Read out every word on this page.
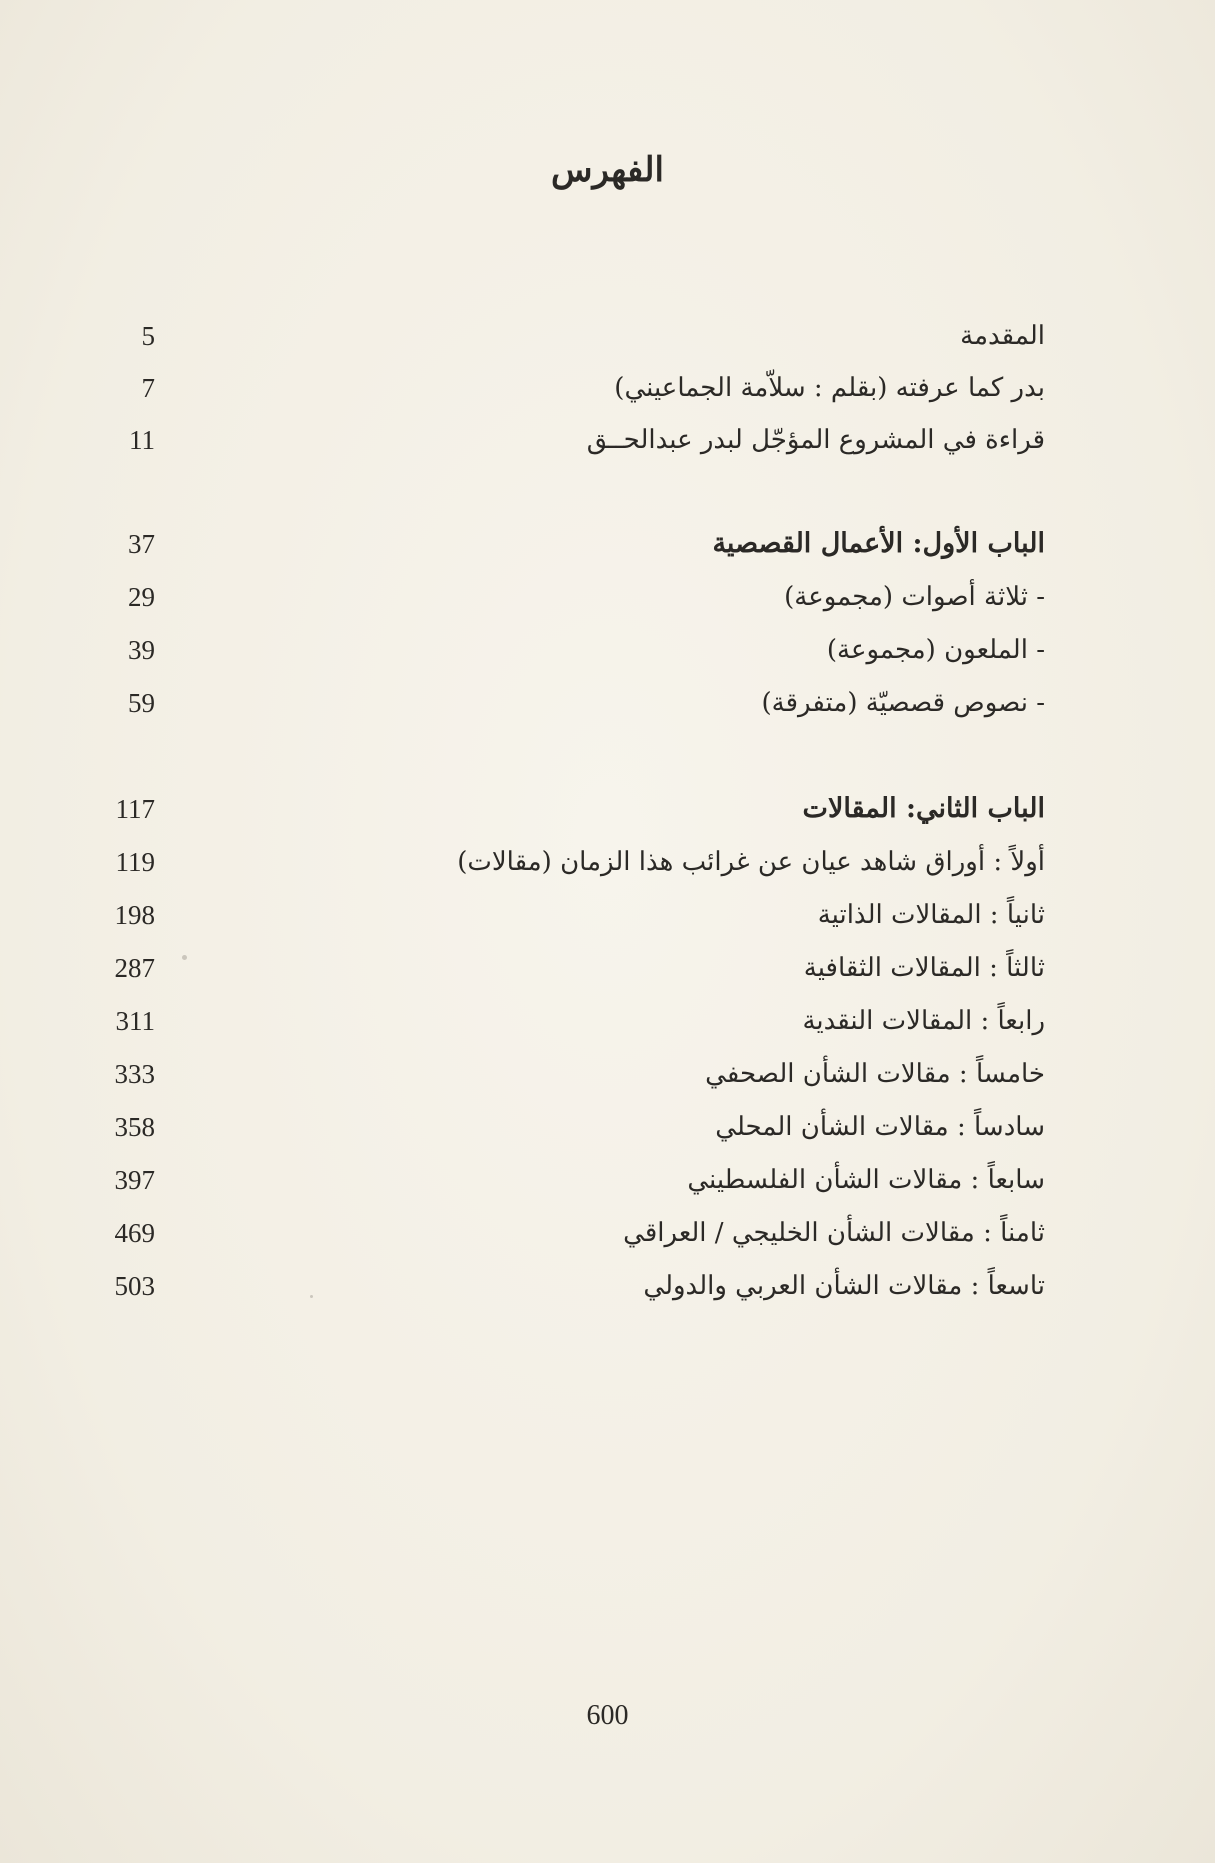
الفهرس
5	المقدمة
7	بدر كما عرفته (بقلم : سلاّمة الجماعيني)
11	قراءة في المشروع المؤجّل لبدر عبدالحــق
37	الباب الأول: الأعمال القصصية
29	- ثلاثة أصوات (مجموعة)
39	- الملعون (مجموعة)
59	- نصوص قصصيّة (متفرقة)
117	الباب الثاني: المقالات
119	أولاً : أوراق شاهد عيان عن غرائب هذا الزمان (مقالات)
198	ثانياً : المقالات الذاتية
287	ثالثاً : المقالات الثقافية
311	رابعاً : المقالات النقدية
333	خامساً : مقالات الشأن الصحفي
358	سادساً : مقالات الشأن المحلي
397	سابعاً : مقالات الشأن الفلسطيني
469	ثامناً : مقالات الشأن الخليجي / العراقي
503	تاسعاً : مقالات الشأن العربي والدولي
600
